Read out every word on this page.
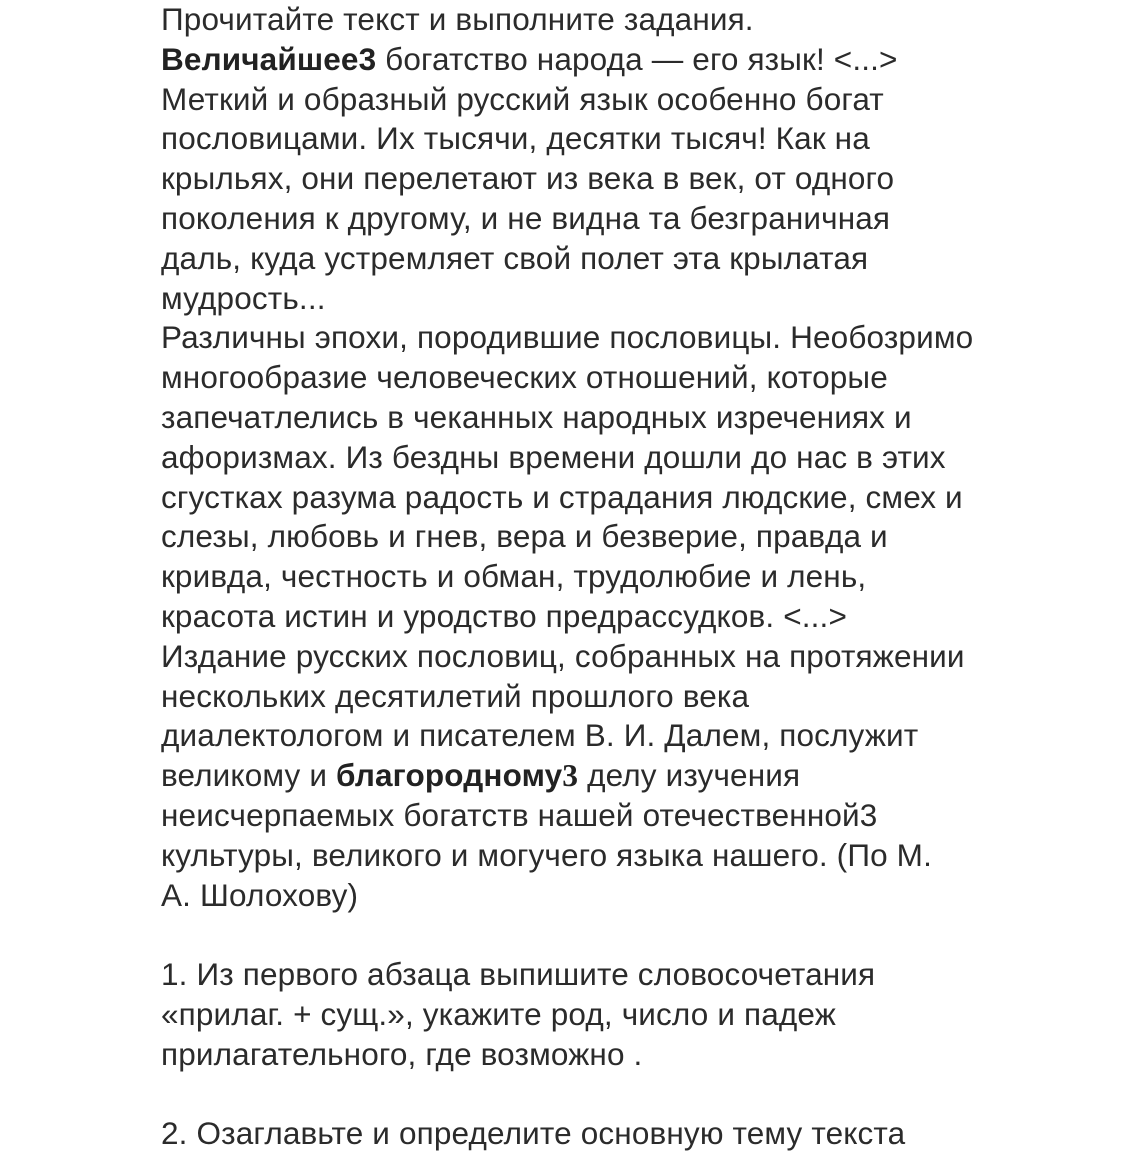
Прочитайте текст и выполните задания.
Величайшее3 богатство народа — его язык! <...>
Меткий и образный русский язык особенно богат
пословицами. Их тысячи, десятки тысяч! Как на
крыльях, они перелетают из века в век, от одного
поколения к другому, и не видна та безграничная
даль, куда устремляет свой полет эта крылатая
мудрость...
Различны эпохи, породившие пословицы. Необозримо
многообразие человеческих отношений, которые
запечатлелись в чеканных народных изречениях и
афоризмах. Из бездны времени дошли до нас в этих
сгустках разума радость и страдания людские, смех и
слезы, любовь и гнев, вера и безверие, правда и
кривда, честность и обман, трудолюбие и лень,
красота истин и уродство предрассудков. <...>
Издание русских пословиц, собранных на протяжении
нескольких десятилетий прошлого века
диалектологом и писателем В. И. Далем, послужит
великому и благородному3 делу изучения
неисчерпаемых богатств нашей отечественной3
культуры, великого и могучего языка нашего. (По М.
А. Шолохову)
1. Из первого абзаца выпишите словосочетания
«прилаг. + сущ.», укажите род, число и падеж
прилагательного, где возможно .
2. Озаглавьте и определите основную тему текста
